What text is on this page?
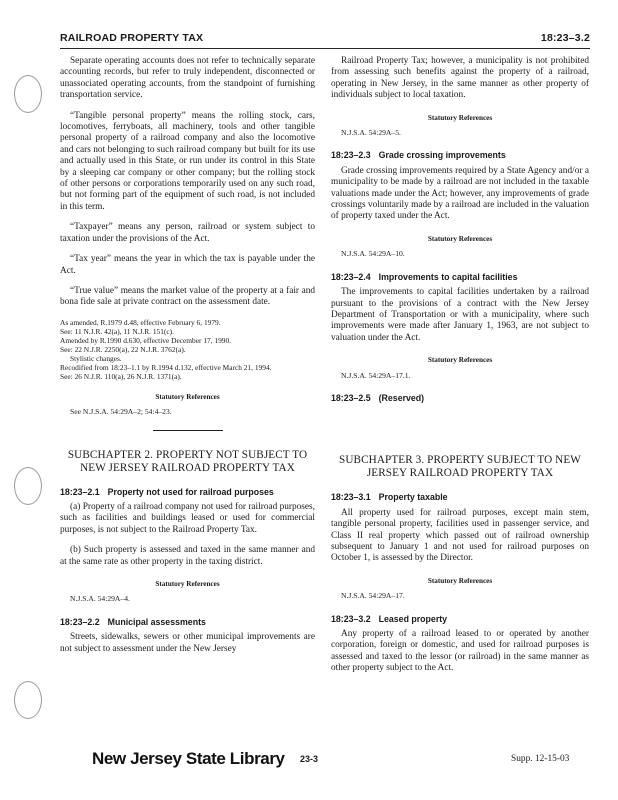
RAILROAD PROPERTY TAX	18:23–3.2

Separate operating accounts does not refer to technically separate accounting records, but refer to truly independent, disconnected or unassociated operating accounts, from the standpoint of furnishing transportation service.

“Tangible personal property” means the rolling stock, cars, locomotives, ferryboats, all machinery, tools and other tangible personal property of a railroad company and also the locomotive and cars not belonging to such railroad company but built for its use and actually used in this State, or run under its control in this State by a sleeping car company or other company; but the rolling stock of other persons or corporations temporarily used on any such road, but not forming part of the equipment of such road, is not included in this term.

“Taxpayer” means any person, railroad or system subject to taxation under the provisions of the Act.

“Tax year” means the year in which the tax is payable under the Act.

“True value” means the market value of the property at a fair and bona fide sale at private contract on the assessment date.

As amended, R.1979 d.48, effective February 6, 1979.
See: 11 N.J.R. 42(a), 11 N.J.R. 151(c).
Amended by R.1990 d.630, effective December 17, 1990.
See: 22 N.J.R. 2250(a), 22 N.J.R. 3762(a).
Stylistic changes.
Recodified from 18:23–1.1 by R.1994 d.132, effective March 21, 1994.
See: 26 N.J.R. 110(a), 26 N.J.R. 1371(a).
Statutory References
See N.J.S.A. 54:29A–2; 54:4–23.
SUBCHAPTER 2. PROPERTY NOT SUBJECT TO
NEW JERSEY RAILROAD PROPERTY TAX
18:23–2.1 Property not used for railroad purposes

(a) Property of a railroad company not used for railroad purposes, such as facilities and buildings leased or used for commercial purposes, is not subject to the Railroad Property Tax.

(b) Such property is assessed and taxed in the same manner and at the same rate as other property in the taxing district.

Statutory References
N.J.S.A. 54:29A–4.
18:23–2.2 Municipal assessments

Streets, sidewalks, sewers or other municipal improvements are not subject to assessment under the New Jersey

Railroad Property Tax; however, a municipality is not prohibited from assessing such benefits against the property of a railroad, operating in New Jersey, in the same manner as other property of individuals subject to local taxation.

Statutory References
N.J.S.A. 54:29A–5.
18:23–2.3 Grade crossing improvements

Grade crossing improvements required by a State Agency and/or a municipality to be made by a railroad are not included in the taxable valuations made under the Act; however, any improvements of grade crossings voluntarily made by a railroad are included in the valuation of property taxed under the Act.

Statutory References
N.J.S.A. 54:29A–10.
18:23–2.4 Improvements to capital facilities

The improvements to capital facilities undertaken by a railroad pursuant to the provisions of a contract with the New Jersey Department of Transportation or with a municipality, where such improvements were made after January 1, 1963, are not subject to valuation under the Act.

Statutory References
N.J.S.A. 54:29A–17.1.
18:23–2.5 (Reserved)
SUBCHAPTER 3. PROPERTY SUBJECT TO NEW
JERSEY RAILROAD PROPERTY TAX
18:23–3.1 Property taxable

All property used for railroad purposes, except main stem, tangible personal property, facilities used in passenger service, and Class II real property which passed out of railroad ownership subsequent to January 1 and not used for railroad purposes on October 1, is assessed by the Director.

Statutory References
N.J.S.A. 54:29A–17.
18:23–3.2 Leased property

Any property of a railroad leased to or operated by another corporation, foreign or domestic, and used for railroad purposes is assessed and taxed to the lessor (or railroad) in the same manner as other property subject to the Act.

New Jersey State Library 23-3	Supp. 12-15-03
